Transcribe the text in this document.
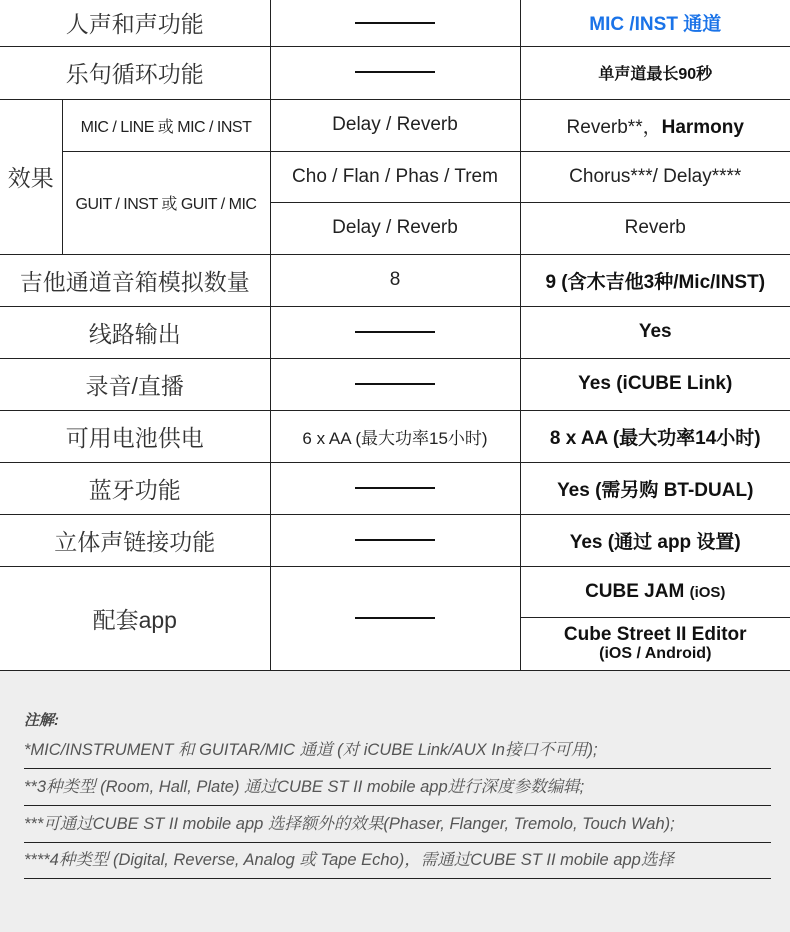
人声和声功能			MIC /INST 通道
乐句循环功能			单声道最长90秒
效果	MIC / LINE 或 MIC / INST	Delay / Reverb	Reverb**，Harmony
	GUIT / INST 或 GUIT / MIC	Cho / Flan / Phas / Trem	Chorus***/ Delay****
		Delay / Reverb	Reverb
吉他通道音箱模拟数量		8	9 (含木吉他3种/Mic/INST)
线路输出			Yes
录音/直播			Yes (iCUBE Link)
可用电池供电		6 x AA (最大功率15小时)	8 x AA (最大功率14小时)
蓝牙功能			Yes (需另购 BT-DUAL)
立体声链接功能			Yes (通过 app 设置)
配套app			CUBE JAM (iOS)

			Cube Street II Editor
(iOS / Android)
注解:
*MIC/INSTRUMENT 和 GUITAR/MIC 通道 (对 iCUBE Link/AUX In接口不可用);
**3种类型 (Room, Hall, Plate) 通过CUBE ST II mobile app进行深度参数编辑;
***可通过CUBE ST II mobile app 选择额外的效果(Phaser, Flanger, Tremolo, Touch Wah);
****4种类型 (Digital, Reverse, Analog 或 Tape Echo)，需通过CUBE ST II mobile app选择
